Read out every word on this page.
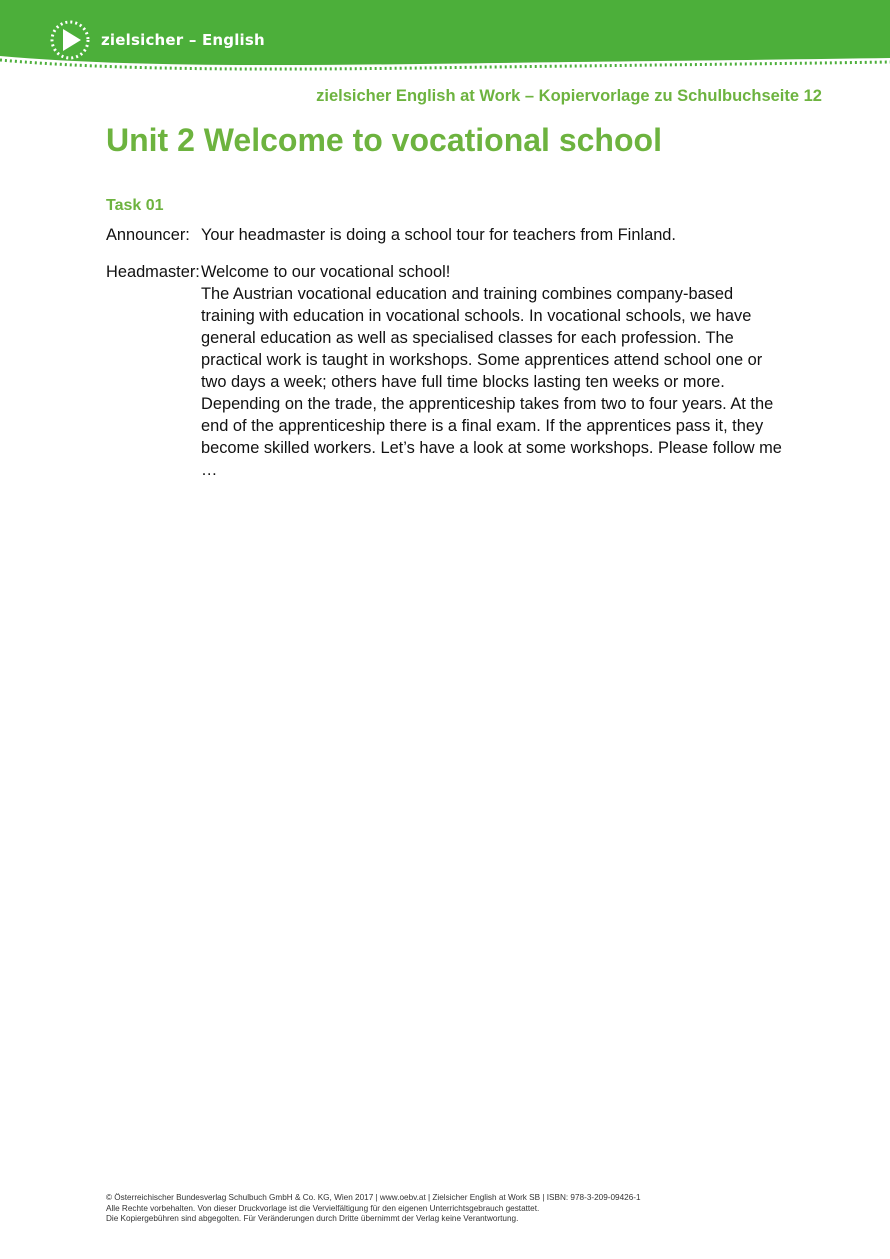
zielsicher – English
zielsicher English at Work – Kopiervorlage zu Schulbuchseite 12
Unit 2 Welcome to vocational school
Task 01
Announcer: Your headmaster is doing a school tour for teachers from Finland.

Headmaster: Welcome to our vocational school!

The Austrian vocational education and training combines company-based training with education in vocational schools. In vocational schools, we have general education as well as specialised classes for each profession. The practical work is taught in workshops. Some apprentices attend school one or two days a week; others have full time blocks lasting ten weeks or more. Depending on the trade, the apprenticeship takes from two to four years. At the end of the apprenticeship there is a final exam. If the apprentices pass it, they become skilled workers. Let’s have a look at some workshops. Please follow me …

© Österreichischer Bundesverlag Schulbuch GmbH & Co. KG, Wien 2017 | www.oebv.at | Zielsicher English at Work SB | ISBN: 978-3-209-09426-1
Alle Rechte vorbehalten. Von dieser Druckvorlage ist die Vervielfältigung für den eigenen Unterrichtsgebrauch gestattet.
Die Kopiergebühren sind abgegolten. Für Veränderungen durch Dritte übernimmt der Verlag keine Verantwortung.
